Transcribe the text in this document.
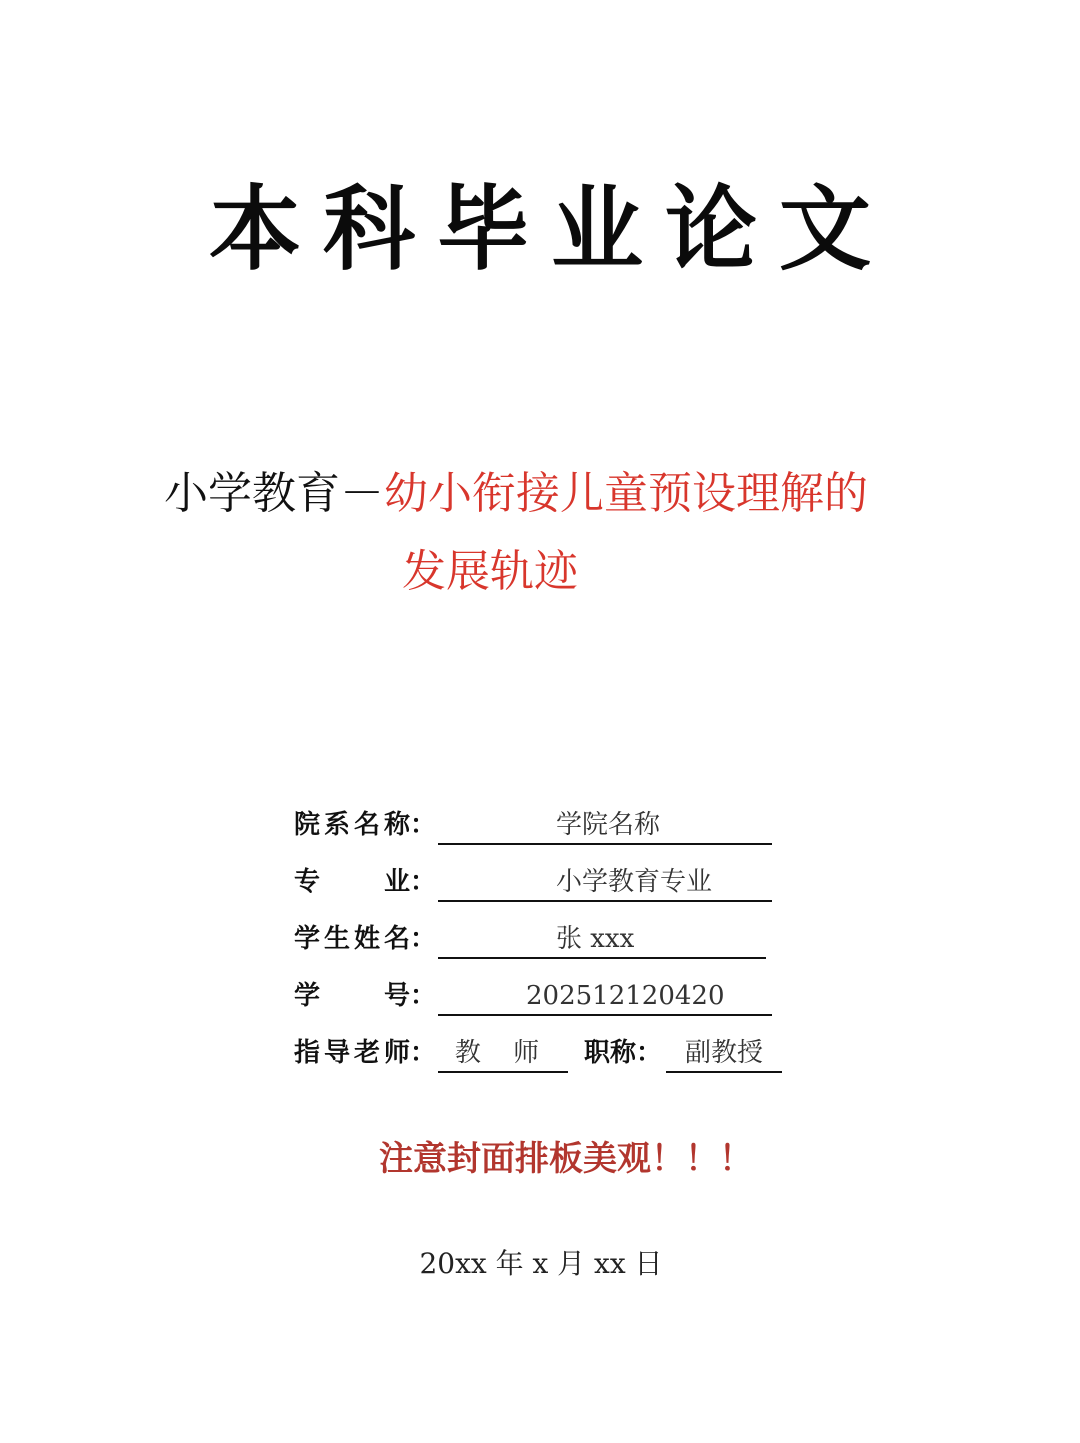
本科毕业论文
小学教育－幼小衔接儿童预设理解的
发展轨迹
院系名称：	学院名称
专业：	小学教育专业
学生姓名：	张 xxx
学号：	202512120420
指导老师： 教 师	职称： 副教授
注意封面排板美观！！！
20xx 年 x 月 xx 日
